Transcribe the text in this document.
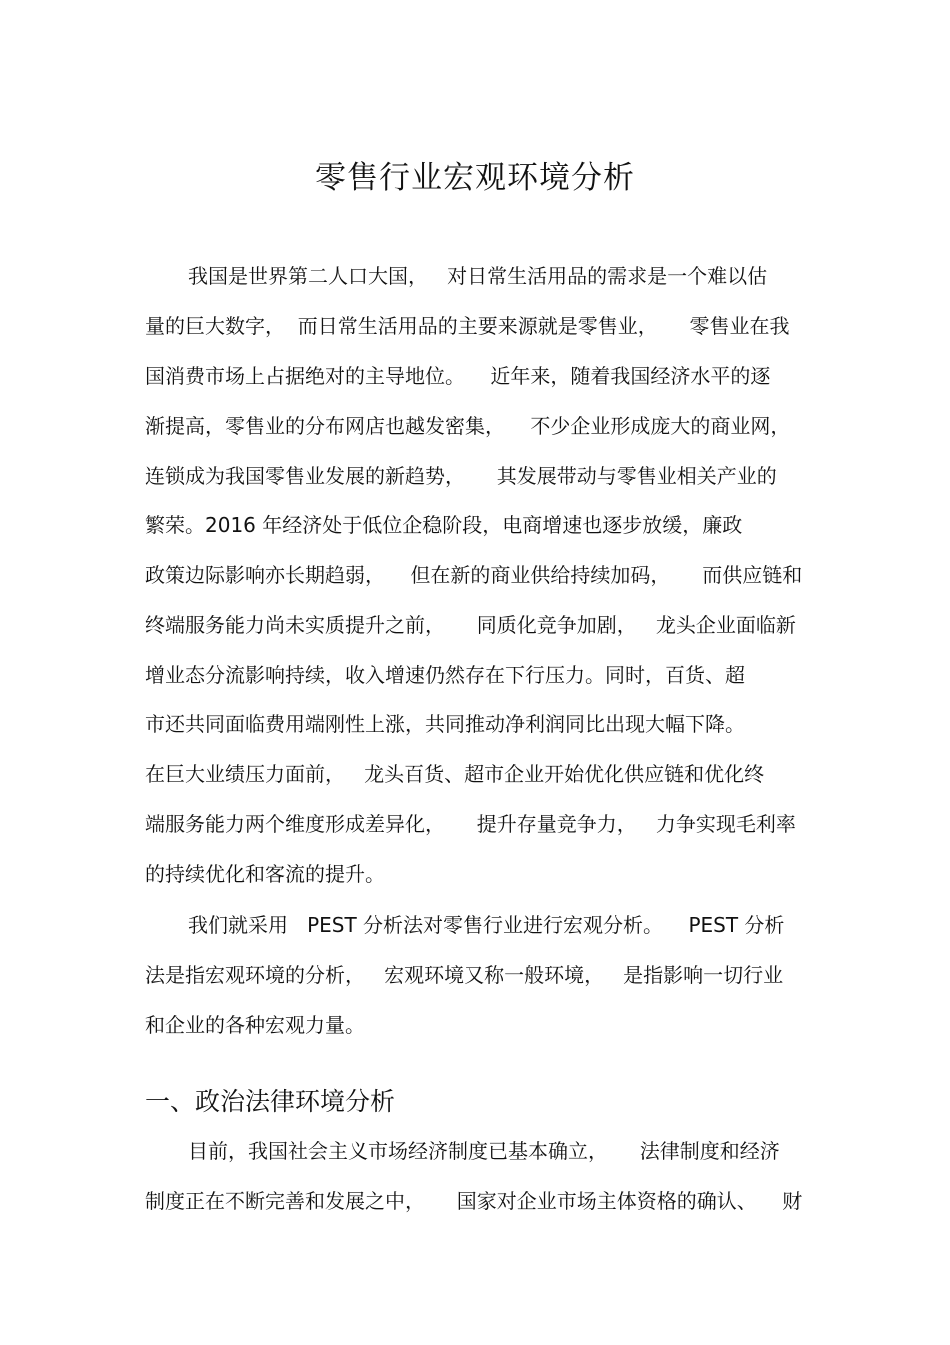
零售行业宏观环境分析

我国是世界第二人口大国，   对日常生活用品的需求是一个难以估

量的巨大数字，  而日常生活用品的主要来源就是零售业，     零售业在我

国消费市场上占据绝对的主导地位。    近年来，随着我国经济水平的逐

渐提高，零售业的分布网店也越发密集，    不少企业形成庞大的商业网，

连锁成为我国零售业发展的新趋势，     其发展带动与零售业相关产业的

繁荣。2016 年经济处于低位企稳阶段，电商增速也逐步放缓，廉政

政策边际影响亦长期趋弱，    但在新的商业供给持续加码，     而供应链和

终端服务能力尚未实质提升之前，     同质化竞争加剧，   龙头企业面临新

增业态分流影响持续，收入增速仍然存在下行压力。同时，百货、超

市还共同面临费用端刚性上涨，共同推动净利润同比出现大幅下降。

在巨大业绩压力面前，   龙头百货、超市企业开始优化供应链和优化终

端服务能力两个维度形成差异化，     提升存量竞争力，   力争实现毛利率

的持续优化和客流的提升。

我们就采用   PEST 分析法对零售行业进行宏观分析。    PEST 分析

法是指宏观环境的分析，   宏观环境又称一般环境，   是指影响一切行业

和企业的各种宏观力量。

一、政治法律环境分析

目前，我国社会主义市场经济制度已基本确立，     法律制度和经济

制度正在不断完善和发展之中，     国家对企业市场主体资格的确认、    财
